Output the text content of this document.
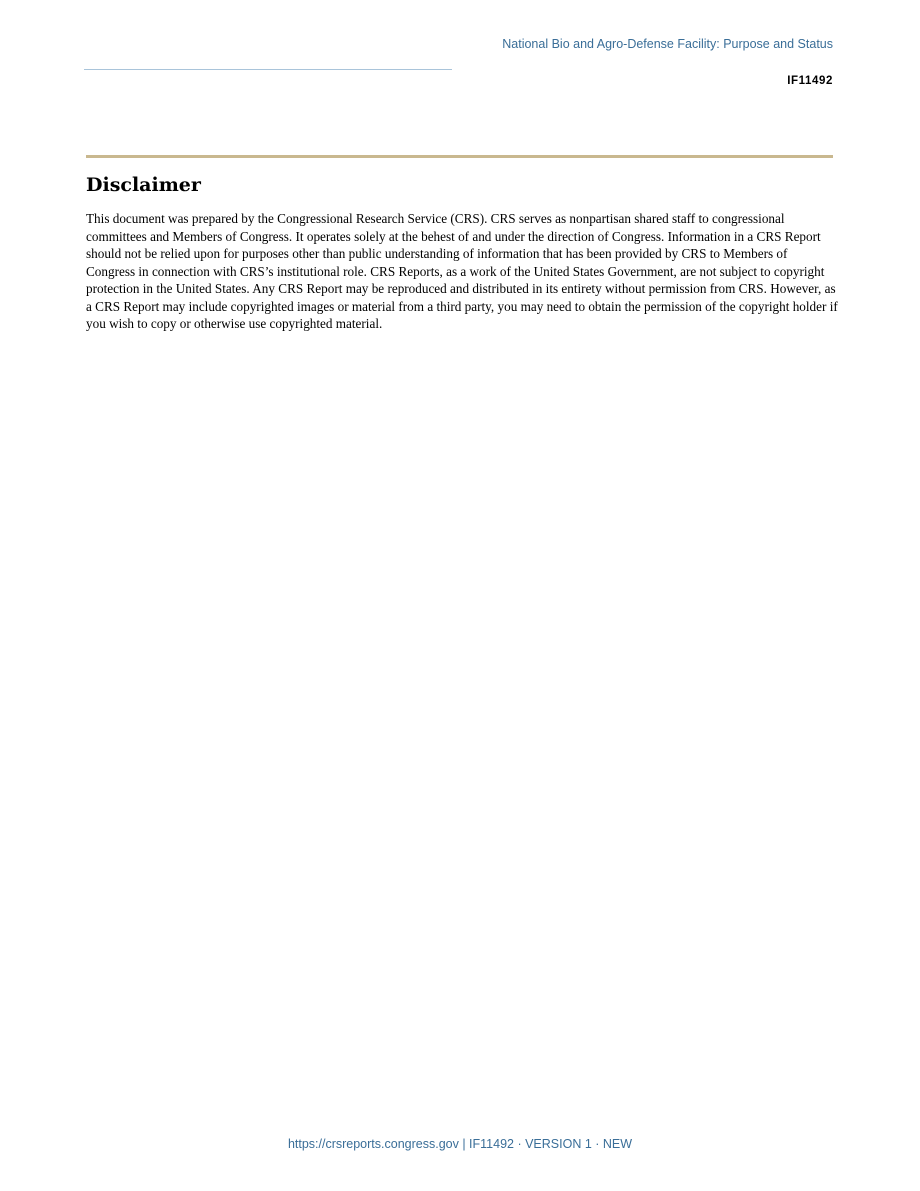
National Bio and Agro-Defense Facility: Purpose and Status
IF11492
Disclaimer

This document was prepared by the Congressional Research Service (CRS). CRS serves as nonpartisan shared staff to congressional committees and Members of Congress. It operates solely at the behest of and under the direction of Congress. Information in a CRS Report should not be relied upon for purposes other than public understanding of information that has been provided by CRS to Members of Congress in connection with CRS’s institutional role. CRS Reports, as a work of the United States Government, are not subject to copyright protection in the United States. Any CRS Report may be reproduced and distributed in its entirety without permission from CRS. However, as a CRS Report may include copyrighted images or material from a third party, you may need to obtain the permission of the copyright holder if you wish to copy or otherwise use copyrighted material.

https://crsreports.congress.gov | IF11492 · VERSION 1 · NEW
